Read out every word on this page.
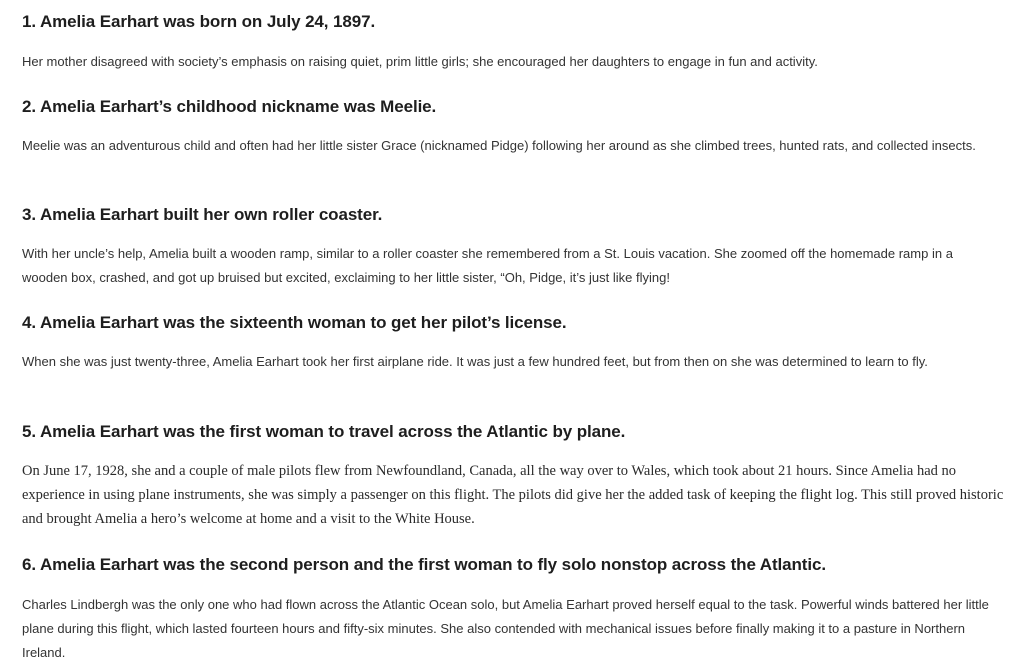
1. Amelia Earhart was born on July 24, 1897.

Her mother disagreed with society’s emphasis on raising quiet, prim little girls; she encouraged her daughters to engage in fun and activity.

2. Amelia Earhart’s childhood nickname was Meelie.

Meelie was an adventurous child and often had her little sister Grace (nicknamed Pidge) following her around as she climbed trees, hunted rats, and collected insects.

3. Amelia Earhart built her own roller coaster.

With her uncle’s help, Amelia built a wooden ramp, similar to a roller coaster she remembered from a St. Louis vacation. She zoomed off the homemade ramp in a wooden box, crashed, and got up bruised but excited, exclaiming to her little sister, “Oh, Pidge, it’s just like flying!

4. Amelia Earhart was the sixteenth woman to get her pilot’s license.

When she was just twenty-three, Amelia Earhart took her first airplane ride. It was just a few hundred feet, but from then on she was determined to learn to fly.

5. Amelia Earhart was the first woman to travel across the Atlantic by plane.

On June 17, 1928, she and a couple of male pilots flew from Newfoundland, Canada, all the way over to Wales, which took about 21 hours. Since Amelia had no experience in using plane instruments, she was simply a passenger on this flight. The pilots did give her the added task of keeping the flight log. This still proved historic and brought Amelia a hero’s welcome at home and a visit to the White House.

6. Amelia Earhart was the second person and the first woman to fly solo nonstop across the Atlantic.

Charles Lindbergh was the only one who had flown across the Atlantic Ocean solo, but Amelia Earhart proved herself equal to the task. Powerful winds battered her little plane during this flight, which lasted fourteen hours and fifty-six minutes. She also contended with mechanical issues before finally making it to a pasture in Northern Ireland.
